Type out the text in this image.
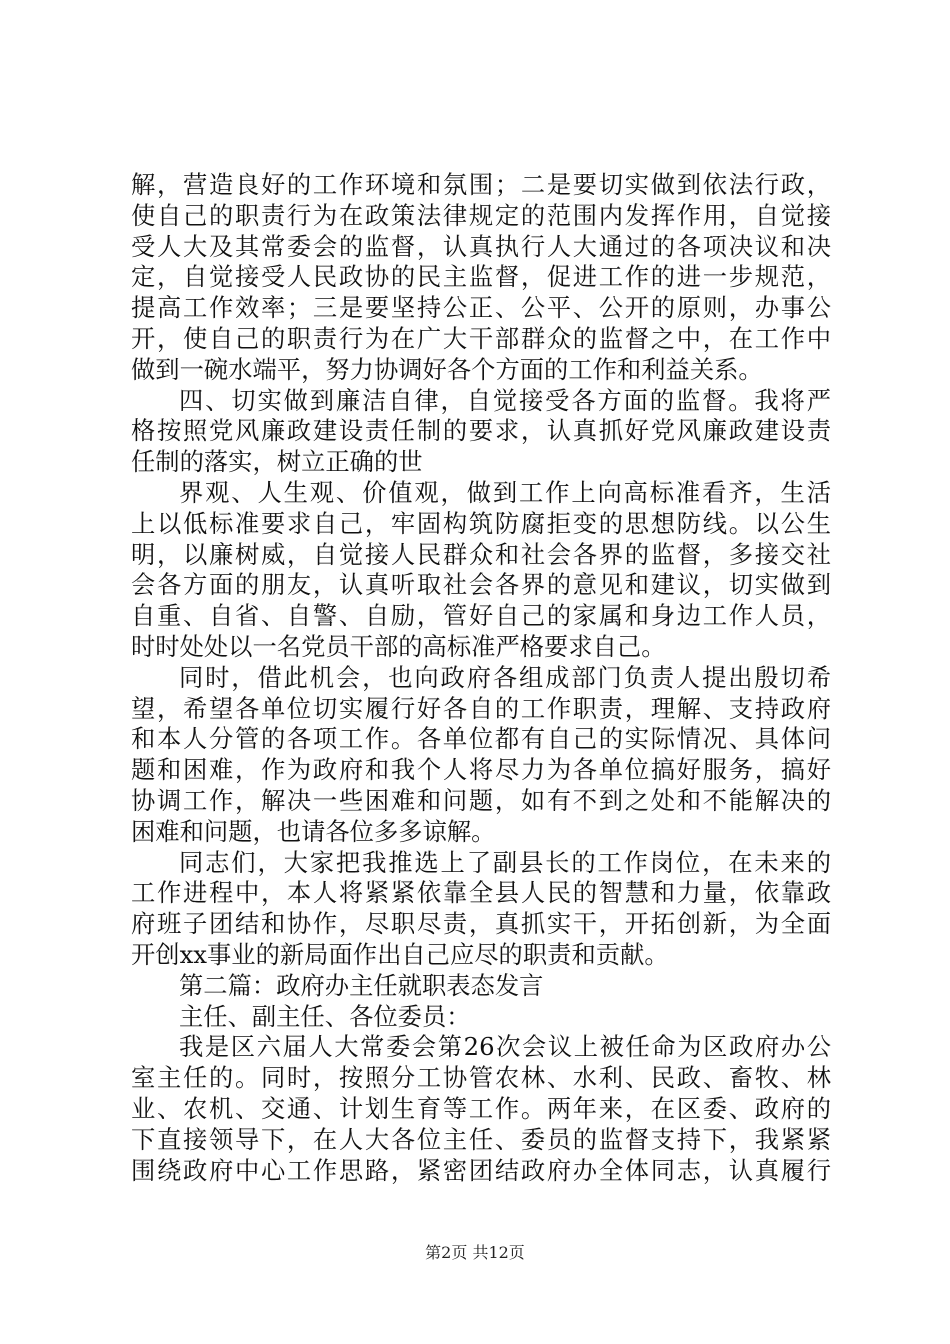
解，营造良好的工作环境和氛围；二是要切实做到依法行政，
使自己的职责行为在政策法律规定的范围内发挥作用，自觉接
受人大及其常委会的监督，认真执行人大通过的各项决议和决
定，自觉接受人民政协的民主监督，促进工作的进一步规范，
提高工作效率；三是要坚持公正、公平、公开的原则，办事公
开，使自己的职责行为在广大干部群众的监督之中，在工作中
做到一碗水端平，努力协调好各个方面的工作和利益关系。
四、切实做到廉洁自律，自觉接受各方面的监督。我将严
格按照党风廉政建设责任制的要求，认真抓好党风廉政建设责
任制的落实，树立正确的世
界观、人生观、价值观，做到工作上向高标准看齐，生活
上以低标准要求自己，牢固构筑防腐拒变的思想防线。以公生
明，以廉树威，自觉接人民群众和社会各界的监督，多接交社
会各方面的朋友，认真听取社会各界的意见和建议，切实做到
自重、自省、自警、自励，管好自己的家属和身边工作人员，
时时处处以一名党员干部的高标准严格要求自己。
同时，借此机会，也向政府各组成部门负责人提出殷切希
望，希望各单位切实履行好各自的工作职责，理解、支持政府
和本人分管的各项工作。各单位都有自己的实际情况、具体问
题和困难，作为政府和我个人将尽力为各单位搞好服务，搞好
协调工作，解决一些困难和问题，如有不到之处和不能解决的
困难和问题，也请各位多多谅解。
同志们，大家把我推选上了副县长的工作岗位，在未来的
工作进程中，本人将紧紧依靠全县人民的智慧和力量，依靠政
府班子团结和协作，尽职尽责，真抓实干，开拓创新，为全面
开创xx事业的新局面作出自己应尽的职责和贡献。
第二篇：政府办主任就职表态发言
主任、副主任、各位委员：
我是区六届人大常委会第26次会议上被任命为区政府办公
室主任的。同时，按照分工协管农林、水利、民政、畜牧、林
业、农机、交通、计划生育等工作。两年来，在区委、政府的
下直接领导下，在人大各位主任、委员的监督支持下，我紧紧
围绕政府中心工作思路，紧密团结政府办全体同志，认真履行
第2页 共12页
